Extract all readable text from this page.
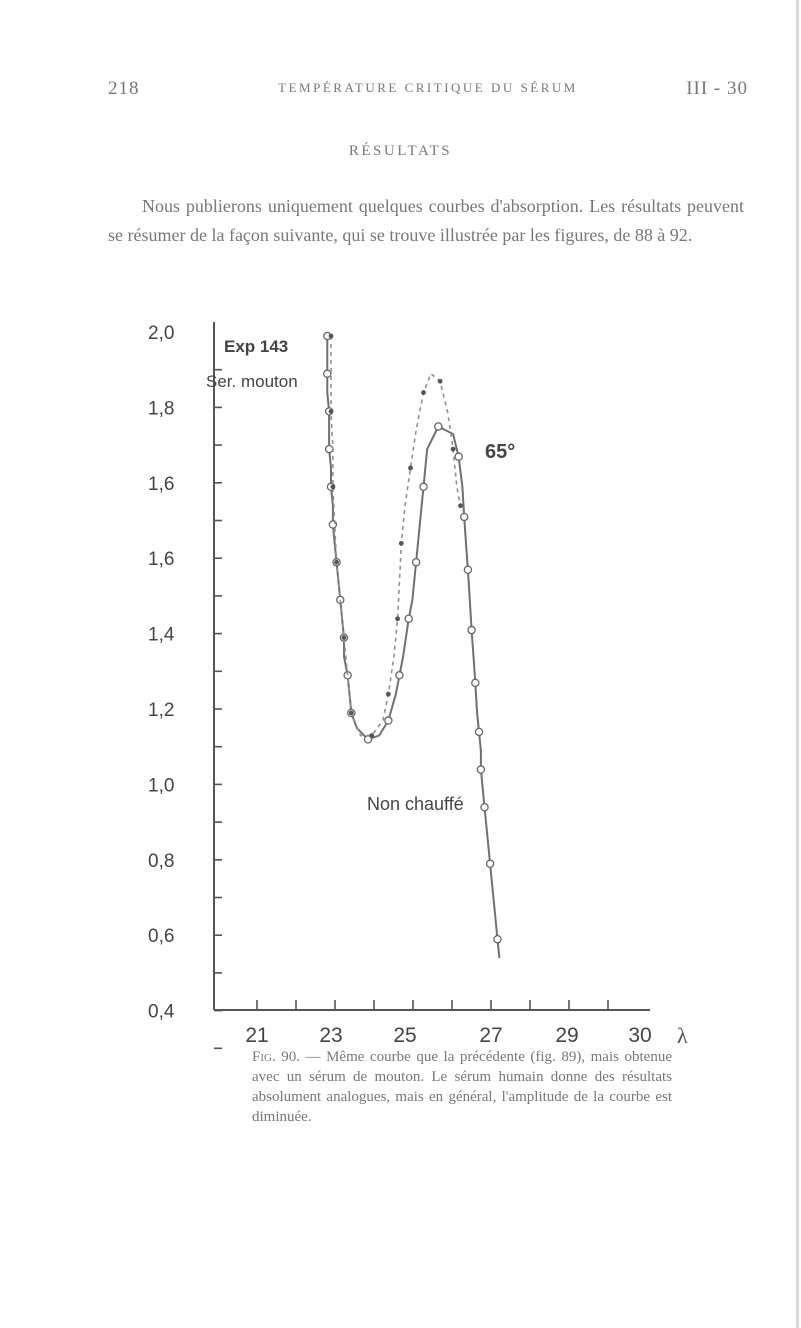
218	TEMPÉRATURE CRITIQUE DU SÉRUM	III - 30
RÉSULTATS

Nous publierons uniquement quelques courbes d'absorption. Les résultats peuvent se résumer de la façon suivante, qui se trouve illustrée par les figures, de 88 à 92.

2,0
1,8
1,6
1,6
1,4
1,2
1,0
0,8
0,6
0,4
21 23 25	27	29 30 λ
Exp 143
Ser. mouton
65°
Non chauffé
Fig. 90. — Même courbe que la précédente (fig. 89), mais obtenue avec un sérum de mouton. Le sérum humain donne des résultats absolument analogues, mais en général, l'amplitude de la courbe est diminuée.
